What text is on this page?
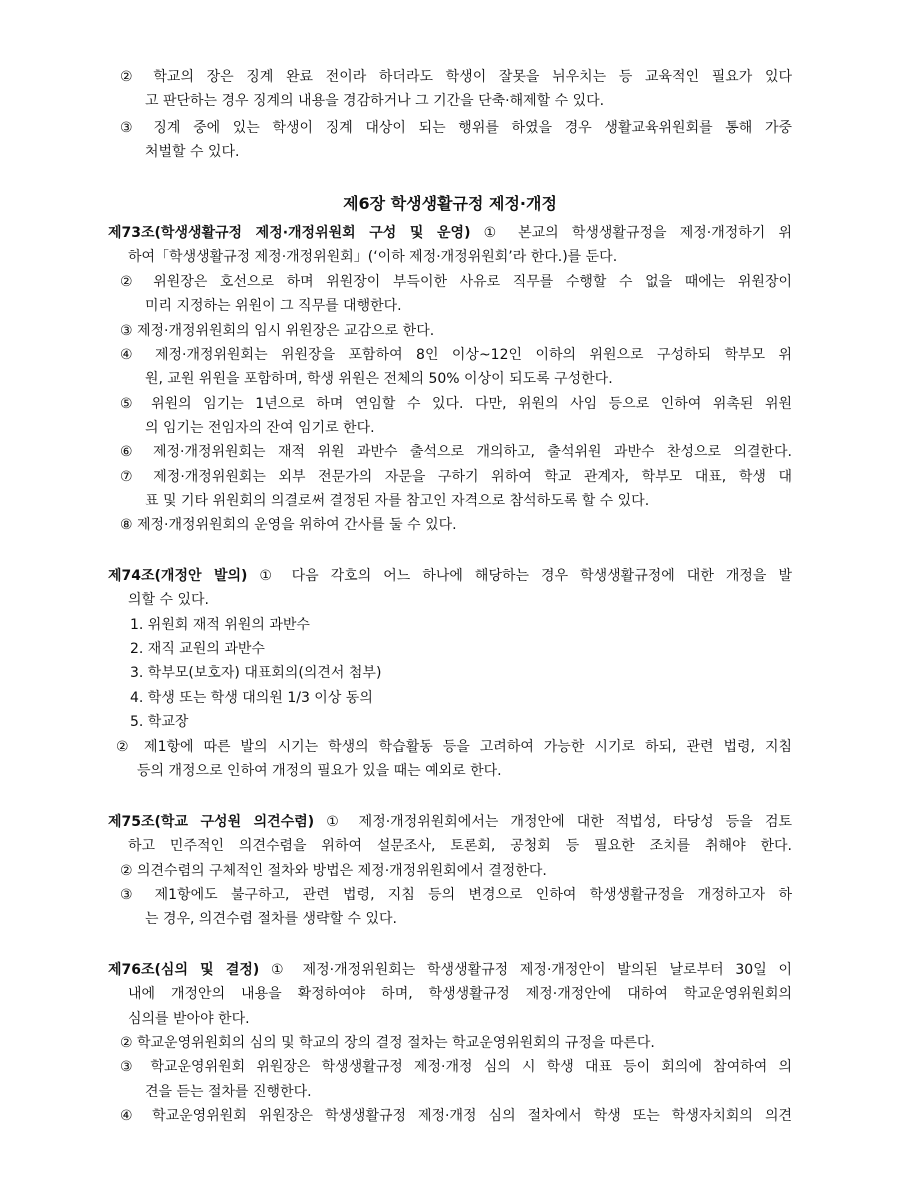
② 학교의 장은 징계 완료 전이라 하더라도 학생이 잘못을 뉘우치는 등 교육적인 필요가 있다
고 판단하는 경우 징계의 내용을 경감하거나 그 기간을 단축·해제할 수 있다.
③ 징계 중에 있는 학생이 징계 대상이 되는 행위를 하였을 경우 생활교육위원회를 통해 가중
처벌할 수 있다.
제6장 학생생활규정 제정·개정
제73조(학생생활규정 제정·개정위원회 구성 및 운영) ① 본교의 학생생활규정을 제정·개정하기 위
하여「학생생활규정 제정·개정위원회」(‘이하 제정·개정위원회’라 한다.)를 둔다.
② 위원장은 호선으로 하며 위원장이 부득이한 사유로 직무를 수행할 수 없을 때에는 위원장이
미리 지정하는 위원이 그 직무를 대행한다.
③ 제정·개정위원회의 임시 위원장은 교감으로 한다.
④ 제정·개정위원회는 위원장을 포함하여 8인 이상~12인 이하의 위원으로 구성하되 학부모 위
원, 교원 위원을 포함하며, 학생 위원은 전체의 50% 이상이 되도록 구성한다.
⑤ 위원의 임기는 1년으로 하며 연임할 수 있다. 다만, 위원의 사임 등으로 인하여 위촉된 위원
의 임기는 전임자의 잔여 임기로 한다.
⑥ 제정·개정위원회는 재적 위원 과반수 출석으로 개의하고, 출석위원 과반수 찬성으로 의결한다.
⑦ 제정·개정위원회는 외부 전문가의 자문을 구하기 위하여 학교 관계자, 학부모 대표, 학생 대
표 및 기타 위원회의 의결로써 결정된 자를 참고인 자격으로 참석하도록 할 수 있다.
⑧ 제정·개정위원회의 운영을 위하여 간사를 둘 수 있다.
제74조(개정안 발의) ① 다음 각호의 어느 하나에 해당하는 경우 학생생활규정에 대한 개정을 발
의할 수 있다.
1. 위원회 재적 위원의 과반수
2. 재직 교원의 과반수
3. 학부모(보호자) 대표회의(의견서 첨부)
4. 학생 또는 학생 대의원 1/3 이상 동의
5. 학교장
② 제1항에 따른 발의 시기는 학생의 학습활동 등을 고려하여 가능한 시기로 하되, 관련 법령, 지침
등의 개정으로 인하여 개정의 필요가 있을 때는 예외로 한다.
제75조(학교 구성원 의견수렴) ① 제정·개정위원회에서는 개정안에 대한 적법성, 타당성 등을 검토
하고 민주적인 의견수렴을 위하여 설문조사, 토론회, 공청회 등 필요한 조치를 취해야 한다.
② 의견수렴의 구체적인 절차와 방법은 제정·개정위원회에서 결정한다.
③ 제1항에도 불구하고, 관련 법령, 지침 등의 변경으로 인하여 학생생활규정을 개정하고자 하
는 경우, 의견수렴 절차를 생략할 수 있다.
제76조(심의 및 결정) ① 제정·개정위원회는 학생생활규정 제정·개정안이 발의된 날로부터 30일 이
내에 개정안의 내용을 확정하여야 하며, 학생생활규정 제정·개정안에 대하여 학교운영위원회의
심의를 받아야 한다.
② 학교운영위원회의 심의 및 학교의 장의 결정 절차는 학교운영위원회의 규정을 따른다.
③ 학교운영위원회 위원장은 학생생활규정 제정·개정 심의 시 학생 대표 등이 회의에 참여하여 의
견을 듣는 절차를 진행한다.
④ 학교운영위원회 위원장은 학생생활규정 제정·개정 심의 절차에서 학생 또는 학생자치회의 의견
